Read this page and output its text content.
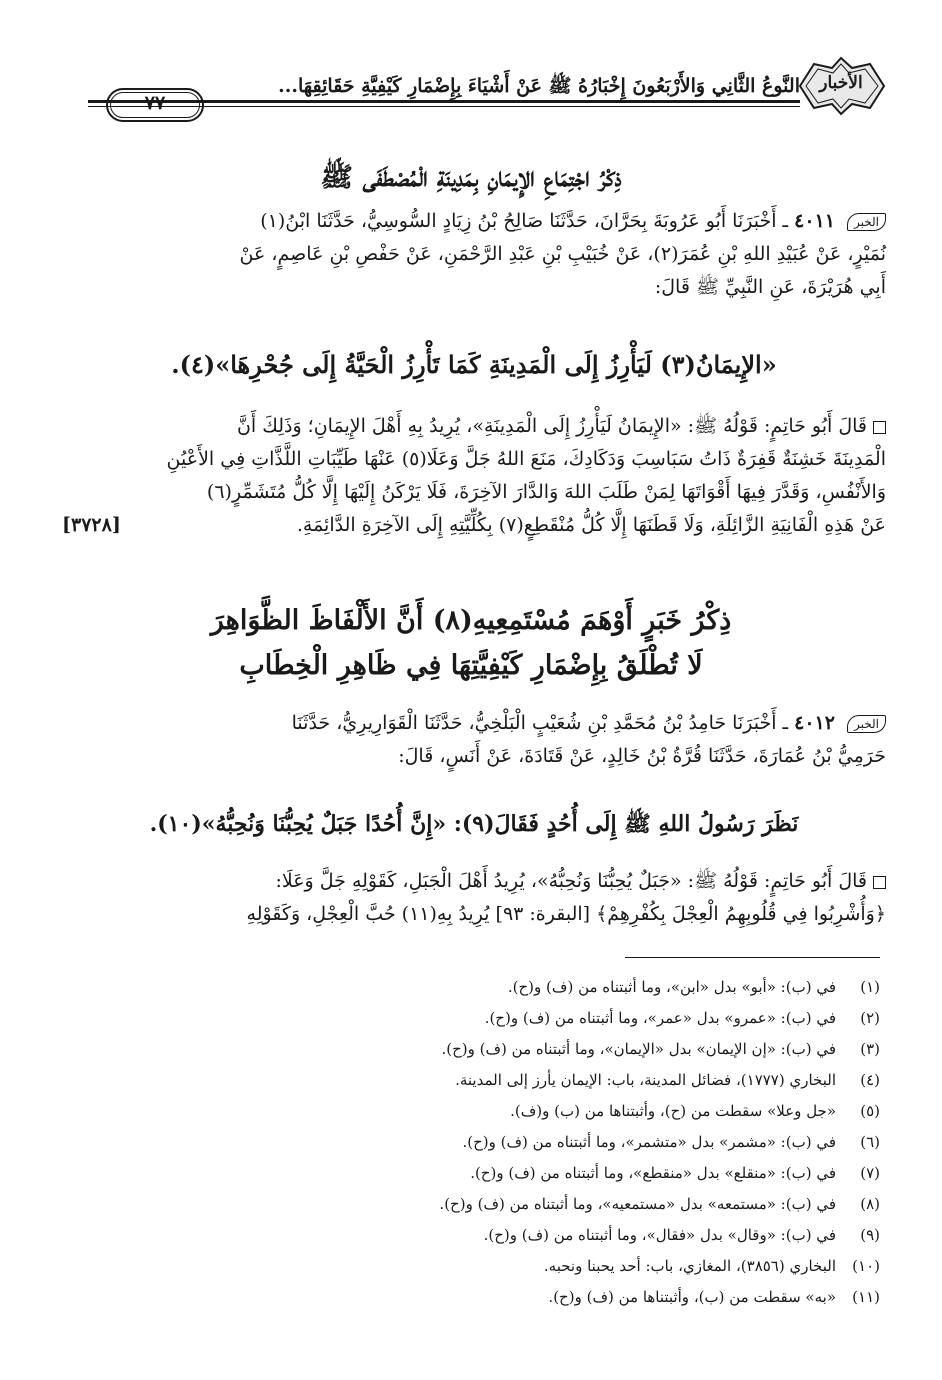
النَّوعُ الثَّانِي وَالأَرْبَعُونَ إِخْبَارُهُ ﷺ عَنْ أَشْيَاءَ بِإِضْمَارِ كَيْفِيَّةِ حَقَائِقِهَا...
٧٧
الأخبار
ذِكْرُ اجْتِمَاعِ الإِيمَانِ بِمَدِينَةِ الْمُصْطَفَى ﷺ
الخبر ٤٠١١ ـ أَخْبَرَنَا أَبُو عَرُوبَةَ بِحَرَّانَ، حَدَّثَنَا صَالِحُ بْنُ زِيَادٍ السُّوسِيُّ، حَدَّثَنَا ابْنُ(١)
نُمَيْرٍ، عَنْ عُبَيْدِ اللهِ بْنِ عُمَرَ(٢)، عَنْ خُبَيْبِ بْنِ عَبْدِ الرَّحْمَنِ، عَنْ حَفْصِ بْنِ عَاصِمٍ، عَنْ
أَبِي هُرَيْرَةَ، عَنِ النَّبِيِّ ﷺ قَالَ:
«الإِيمَانُ(٣) لَيَأْرِزُ إِلَى الْمَدِينَةِ كَمَا تَأْرِزُ الْحَيَّةُ إِلَى جُحْرِهَا»(٤).
قَالَ أَبُو حَاتِمٍ: قَوْلُهُ ﷺ: «الإِيمَانُ لَيَأْرِزُ إِلَى الْمَدِينَةِ»، يُرِيدُ بِهِ أَهْلَ الإِيمَانِ؛ وَذَلِكَ أَنَّ
الْمَدِينَةَ خَشِنَةٌ قَفِرَةٌ ذَاتُ سَبَاسِبَ وَدَكَادِكَ، مَنَعَ اللهُ جَلَّ وَعَلَا(٥) عَنْهَا طَيِّبَاتِ اللَّذَّاتِ فِي الأَعْيُنِ
وَالأَنْفُسِ، وَقَدَّرَ فِيهَا أَقْوَاتَهَا لِمَنْ طَلَبَ اللهَ وَالدَّارَ الآخِرَةَ، فَلَا يَرْكَنُ إِلَيْهَا إِلَّا كُلُّ مُتَشَمِّرٍ(٦)
عَنْ هَذِهِ الْفَانِيَةِ الزَّائِلَةِ، وَلَا قَطَنَهَا إِلَّا كُلُّ مُنْقَطِعٍ(٧) بِكُلِّيَّتِهِ إِلَى الآخِرَةِ الدَّائِمَةِ.
[٣٧٢٨]
ذِكْرُ خَبَرٍ أَوْهَمَ مُسْتَمِعِيهِ(٨) أَنَّ الأَلْفَاظَ الظَّوَاهِرَ
لَا تُطْلَقُ بِإِضْمَارِ كَيْفِيَّتِهَا فِي ظَاهِرِ الْخِطَابِ
الخبر ٤٠١٢ ـ أَخْبَرَنَا حَامِدُ بْنُ مُحَمَّدِ بْنِ شُعَيْبٍ الْبَلْخِيُّ، حَدَّثَنَا الْقَوَارِيرِيُّ، حَدَّثَنَا
حَرَمِيُّ بْنُ عُمَارَةَ، حَدَّثَنَا قُرَّةُ بْنُ خَالِدٍ، عَنْ قَتَادَةَ، عَنْ أَنَسٍ، قَالَ:
نَظَرَ رَسُولُ اللهِ ﷺ إِلَى أُحُدٍ فَقَالَ(٩): «إِنَّ أُحُدًا جَبَلٌ يُحِبُّنَا وَنُحِبُّهُ»(١٠).
قَالَ أَبُو حَاتِمٍ: قَوْلُهُ ﷺ: «جَبَلٌ يُحِبُّنَا وَنُحِبُّهُ»، يُرِيدُ أَهْلَ الْجَبَلِ، كَقَوْلِهِ جَلَّ وَعَلَا:
﴿وَأُشْرِبُوا فِي قُلُوبِهِمُ الْعِجْلَ بِكُفْرِهِمْ﴾ [البقرة: ٩٣] يُرِيدُ بِهِ(١١) حُبَّ الْعِجْلِ، وَكَقَوْلِهِ
(١)في (ب): «أبو» بدل «ابن»، وما أثبتناه من (ف) و(ح).
(٢)في (ب): «عمرو» بدل «عمر»، وما أثبتناه من (ف) و(ح).
(٣)في (ب): «إن الإيمان» بدل «الإيمان»، وما أثبتناه من (ف) و(ح).
(٤)البخاري (١٧٧٧)، فضائل المدينة، باب: الإيمان يأرز إلى المدينة.
(٥)«جل وعلا» سقطت من (ح)، وأثبتناها من (ب) و(ف).
(٦)في (ب): «مشمر» بدل «متشمر»، وما أثبتناه من (ف) و(ح).
(٧)في (ب): «منقلع» بدل «منقطع»، وما أثبتناه من (ف) و(ح).
(٨)في (ب): «مستمعه» بدل «مستمعيه»، وما أثبتناه من (ف) و(ح).
(٩)في (ب): «وقال» بدل «فقال»، وما أثبتناه من (ف) و(ح).
(١٠)البخاري (٣٨٥٦)، المغازي، باب: أحد يحبنا ونحبه.
(١١)«به» سقطت من (ب)، وأثبتناها من (ف) و(ح).
